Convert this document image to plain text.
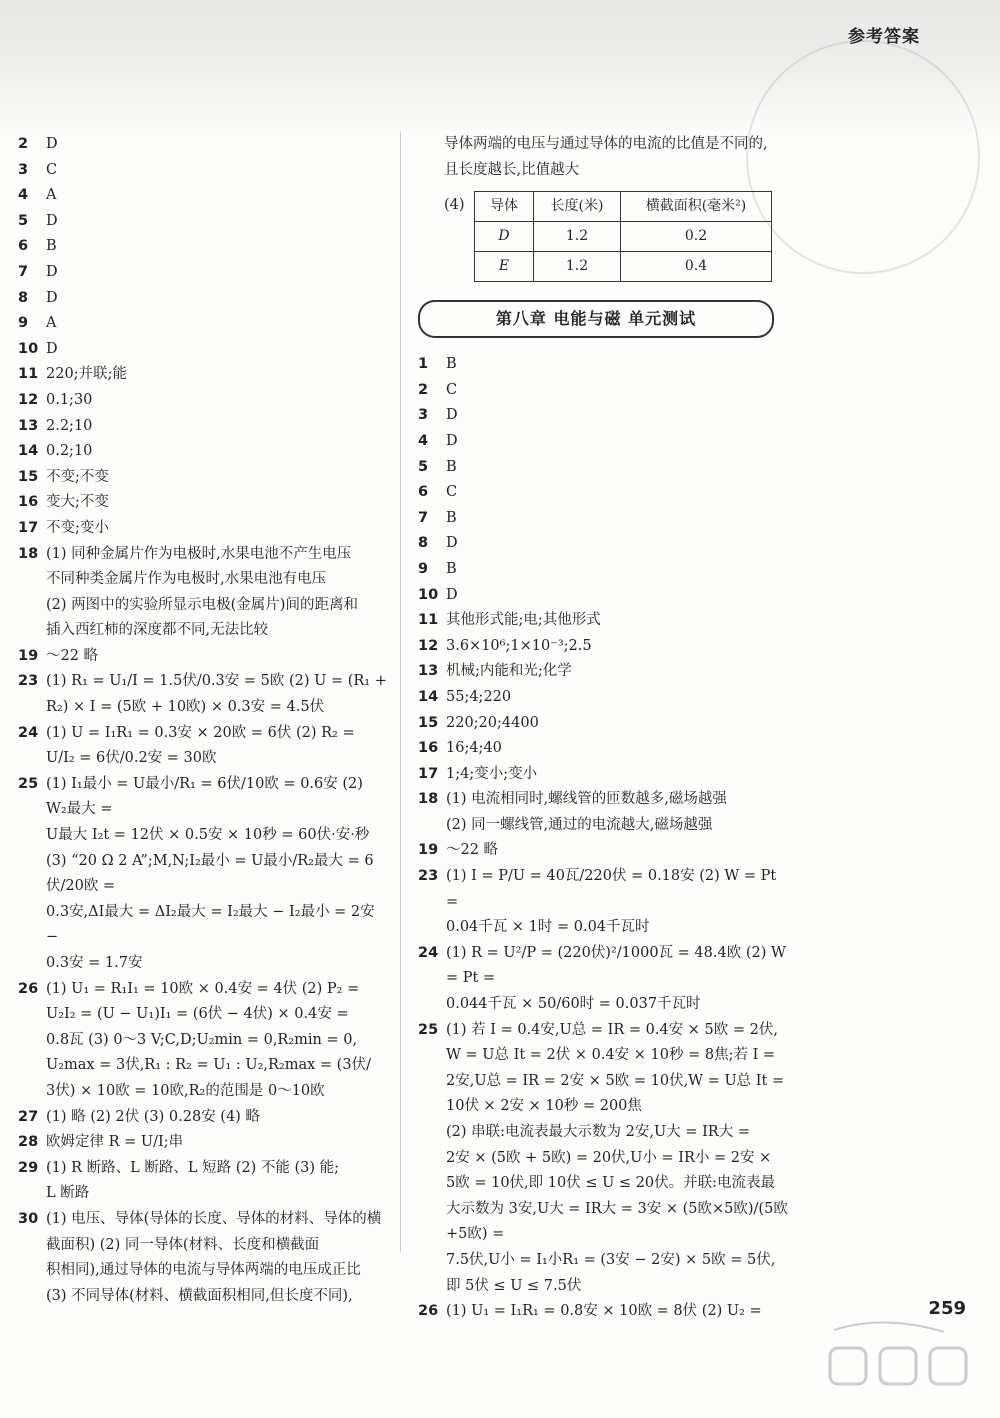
参考答案
2	D
3	C
4	A
5	D
6	B
7	D
8	D
9	A
10 D
11 220;并联;能
12 0.1;30
13 2.2;10
14 0.2;10
15 不变;不变
16 变大;不变
17 不变;变小
18 (1) 同种金属片作为电极时,水果电池不产生电压
不同种类金属片作为电极时,水果电池有电压
(2) 两图中的实验所显示电极(金属片)间的距离和
插入西红柿的深度都不同,无法比较
19 ～22 略
23 (1) R₁ = U₁/I = 1.5伏/0.3安 = 5欧 (2) U = (R₁ +
R₂) × I = (5欧 + 10欧) × 0.3安 = 4.5伏
24 (1) U = I₁R₁ = 0.3安 × 20欧 = 6伏 (2) R₂ =
U/I₂ = 6伏/0.2安 = 30欧
25 (1) I₁最小 = U最小/R₁ = 6伏/10欧 = 0.6安 (2) W₂最大 =
U最大 I₂t = 12伏 × 0.5安 × 10秒 = 60伏·安·秒
(3) “20 Ω 2 A”;M,N;I₂最小 = U最小/R₂最大 = 6伏/20欧 =
0.3安,ΔI最大 = ΔI₂最大 = I₂最大 − I₂最小 = 2安 −
0.3安 = 1.7安
26 (1) U₁ = R₁I₁ = 10欧 × 0.4安 = 4伏 (2) P₂ =
U₂I₂ = (U − U₁)I₁ = (6伏 − 4伏) × 0.4安 =
0.8瓦 (3) 0～3 V;C,D;U₂min = 0,R₂min = 0,
U₂max = 3伏,R₁ : R₂ = U₁ : U₂,R₂max = (3伏/
3伏) × 10欧 = 10欧,R₂的范围是 0～10欧
27 (1) 略 (2) 2伏 (3) 0.28安 (4) 略
28 欧姆定律 R = U/I;串
29 (1) R 断路、L 断路、L 短路 (2) 不能 (3) 能;
L 断路
30 (1) 电压、导体(导体的长度、导体的材料、导体的横
截面积) (2) 同一导体(材料、长度和横截面
积相同),通过导体的电流与导体两端的电压成正比
(3) 不同导体(材料、横截面积相同,但长度不同),
导体两端的电压与通过导体的电流的比值是不同的,
且长度越长,比值越大
(4)	导体	长度(米)	横截面积(毫米²)
D	1.2	0.2
E	1.2	0.4
第八章 电能与磁 单元测试
1	B
2	C
3	D
4	D
5	B
6	C
7	B
8	D
9	B
10 D
11 其他形式能;电;其他形式
12 3.6×10⁶;1×10⁻³;2.5
13 机械;内能和光;化学
14 55;4;220
15 220;20;4400
16 16;4;40
17 1;4;变小;变小
18 (1) 电流相同时,螺线管的匝数越多,磁场越强
(2) 同一螺线管,通过的电流越大,磁场越强
19 ～22 略
23 (1) I = P/U = 40瓦/220伏 = 0.18安 (2) W = Pt =
0.04千瓦 × 1时 = 0.04千瓦时
24 (1) R = U²/P = (220伏)²/1000瓦 = 48.4欧 (2) W = Pt =
0.044千瓦 × 50/60时 = 0.037千瓦时
25 (1) 若 I = 0.4安,U总 = IR = 0.4安 × 5欧 = 2伏,
W = U总 It = 2伏 × 0.4安 × 10秒 = 8焦;若 I =
2安,U总 = IR = 2安 × 5欧 = 10伏,W = U总 It =
10伏 × 2安 × 10秒 = 200焦
(2) 串联:电流表最大示数为 2安,U大 = IR大 =
2安 × (5欧 + 5欧) = 20伏,U小 = IR小 = 2安 ×
5欧 = 10伏,即 10伏 ≤ U ≤ 20伏。并联:电流表最
大示数为 3安,U大 = IR大 = 3安 × (5欧×5欧)/(5欧+5欧) =
7.5伏,U小 = I₁小R₁ = (3安 − 2安) × 5欧 = 5伏,
即 5伏 ≤ U ≤ 7.5伏
26 (1) U₁ = I₁R₁ = 0.8安 × 10欧 = 8伏 (2) U₂ =	259
